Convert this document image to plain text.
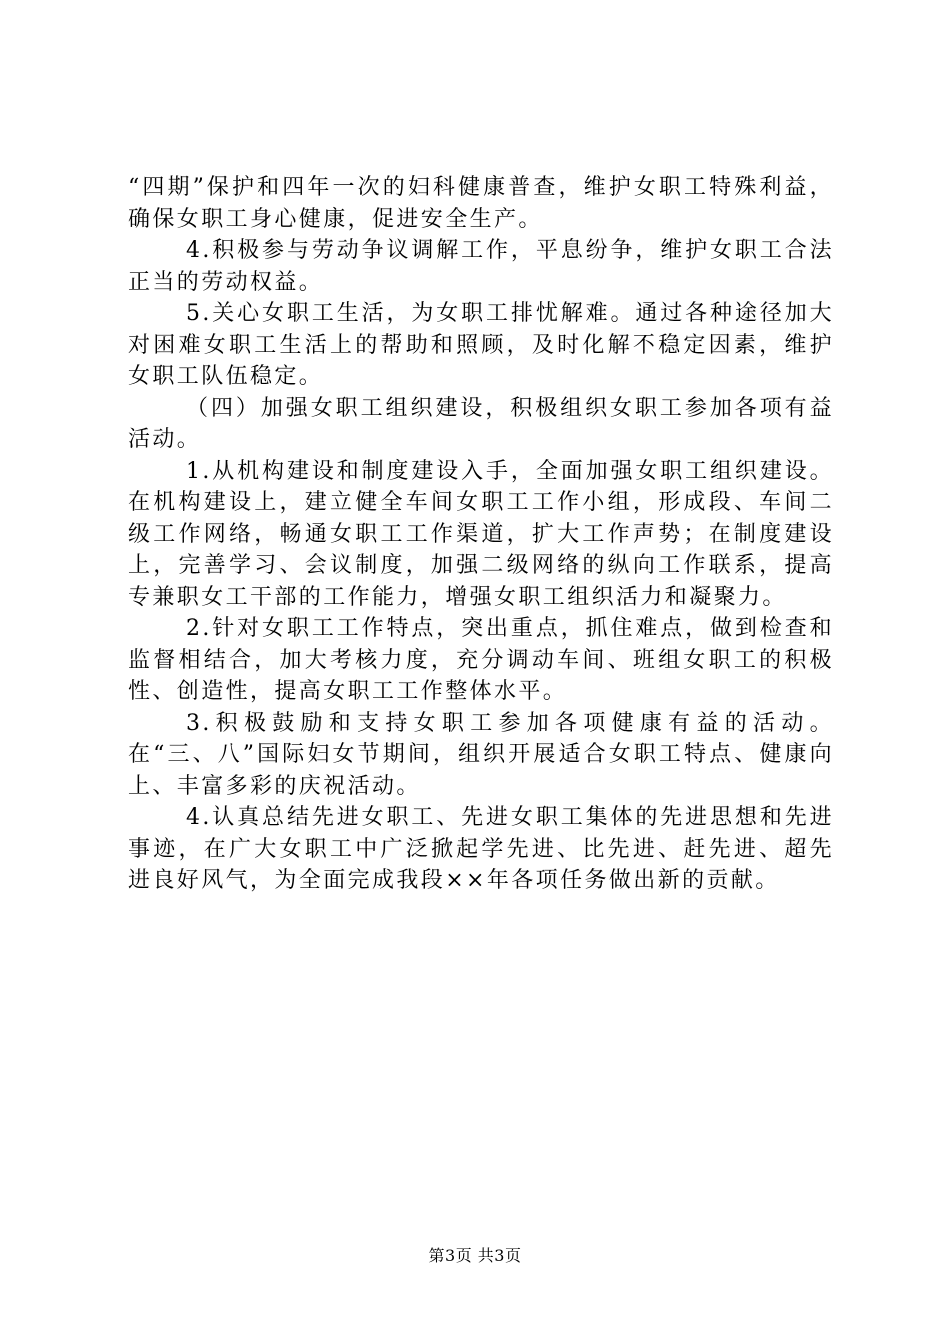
“四期”保护和四年一次的妇科健康普查，维护女职工特殊利益，确保女职工身心健康，促进安全生产。

4.积极参与劳动争议调解工作，平息纷争，维护女职工合法正当的劳动权益。

5.关心女职工生活，为女职工排忧解难。通过各种途径加大对困难女职工生活上的帮助和照顾，及时化解不稳定因素，维护女职工队伍稳定。

（四）加强女职工组织建设，积极组织女职工参加各项有益活动。

1.从机构建设和制度建设入手，全面加强女职工组织建设。在机构建设上，建立健全车间女职工工作小组，形成段、车间二级工作网络，畅通女职工工作渠道，扩大工作声势；在制度建设上，完善学习、会议制度，加强二级网络的纵向工作联系，提高专兼职女工干部的工作能力，增强女职工组织活力和凝聚力。

2.针对女职工工作特点，突出重点，抓住难点，做到检查和监督相结合，加大考核力度，充分调动车间、班组女职工的积极性、创造性，提高女职工工作整体水平。

3.积极鼓励和支持女职工参加各项健康有益的活动。在“三、八”国际妇女节期间，组织开展适合女职工特点、健康向上、丰富多彩的庆祝活动。

4.认真总结先进女职工、先进女职工集体的先进思想和先进事迹，在广大女职工中广泛掀起学先进、比先进、赶先进、超先进良好风气，为全面完成我段××年各项任务做出新的贡献。

第3页 共3页
